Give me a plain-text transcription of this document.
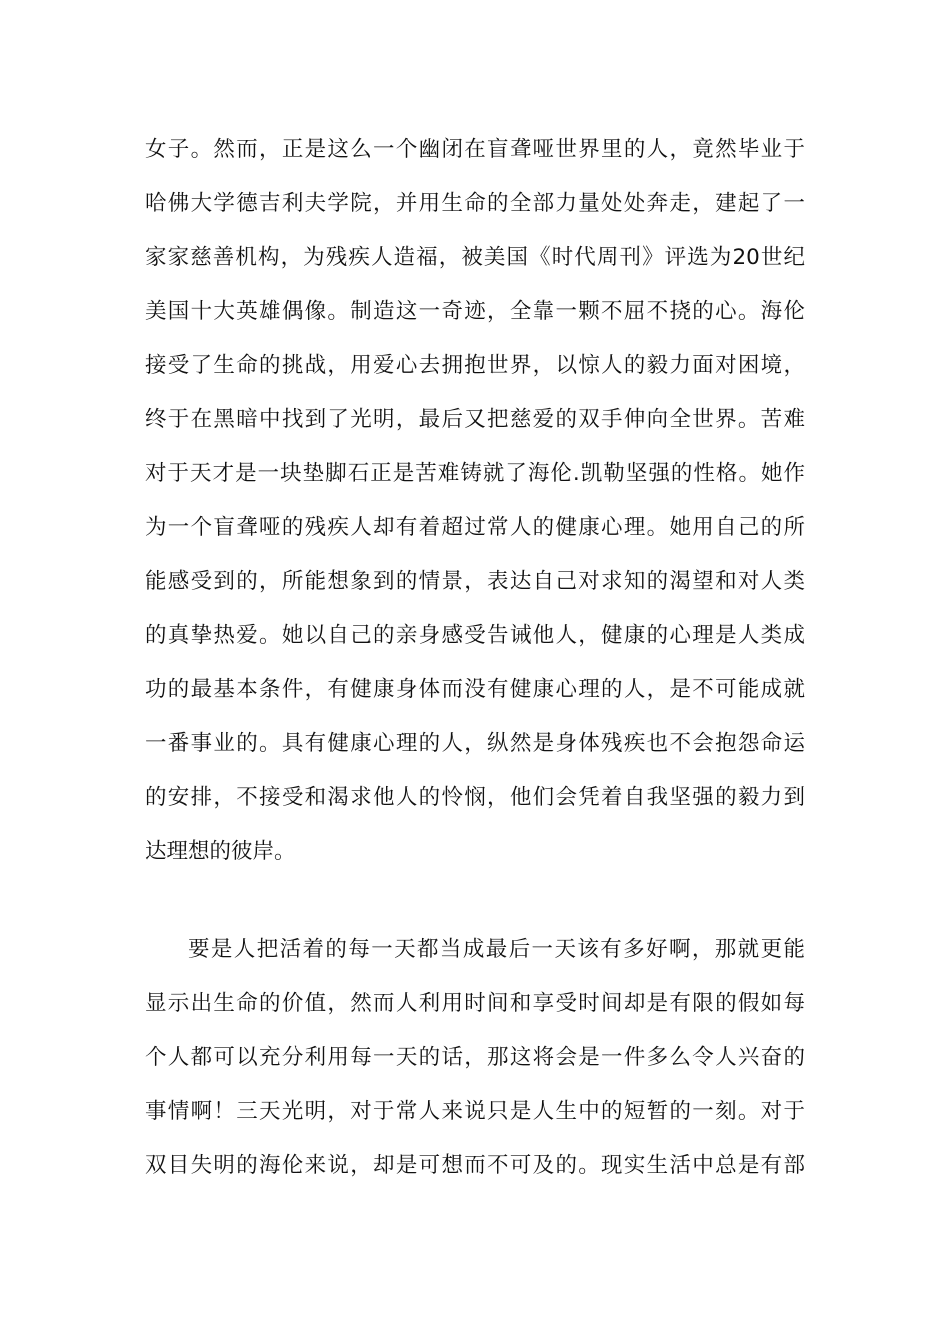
女子。然而，正是这么一个幽闭在盲聋哑世界里的人，竟然毕业于
哈佛大学德吉利夫学院，并用生命的全部力量处处奔走，建起了一
家家慈善机构，为残疾人造福，被美国《时代周刊》评选为20世纪
美国十大英雄偶像。制造这一奇迹，全靠一颗不屈不挠的心。海伦
接受了生命的挑战，用爱心去拥抱世界，以惊人的毅力面对困境，
终于在黑暗中找到了光明，最后又把慈爱的双手伸向全世界。苦难
对于天才是一块垫脚石正是苦难铸就了海伦.凯勒坚强的性格。她作
为一个盲聋哑的残疾人却有着超过常人的健康心理。她用自己的所
能感受到的，所能想象到的情景，表达自己对求知的渴望和对人类
的真挚热爱。她以自己的亲身感受告诫他人，健康的心理是人类成
功的最基本条件，有健康身体而没有健康心理的人，是不可能成就
一番事业的。具有健康心理的人，纵然是身体残疾也不会抱怨命运
的安排，不接受和渴求他人的怜悯，他们会凭着自我坚强的毅力到
达理想的彼岸。
要是人把活着的每一天都当成最后一天该有多好啊，那就更能
显示出生命的价值，然而人利用时间和享受时间却是有限的假如每
个人都可以充分利用每一天的话，那这将会是一件多么令人兴奋的
事情啊！三天光明，对于常人来说只是人生中的短暂的一刻。对于
双目失明的海伦来说，却是可想而不可及的。现实生活中总是有部
